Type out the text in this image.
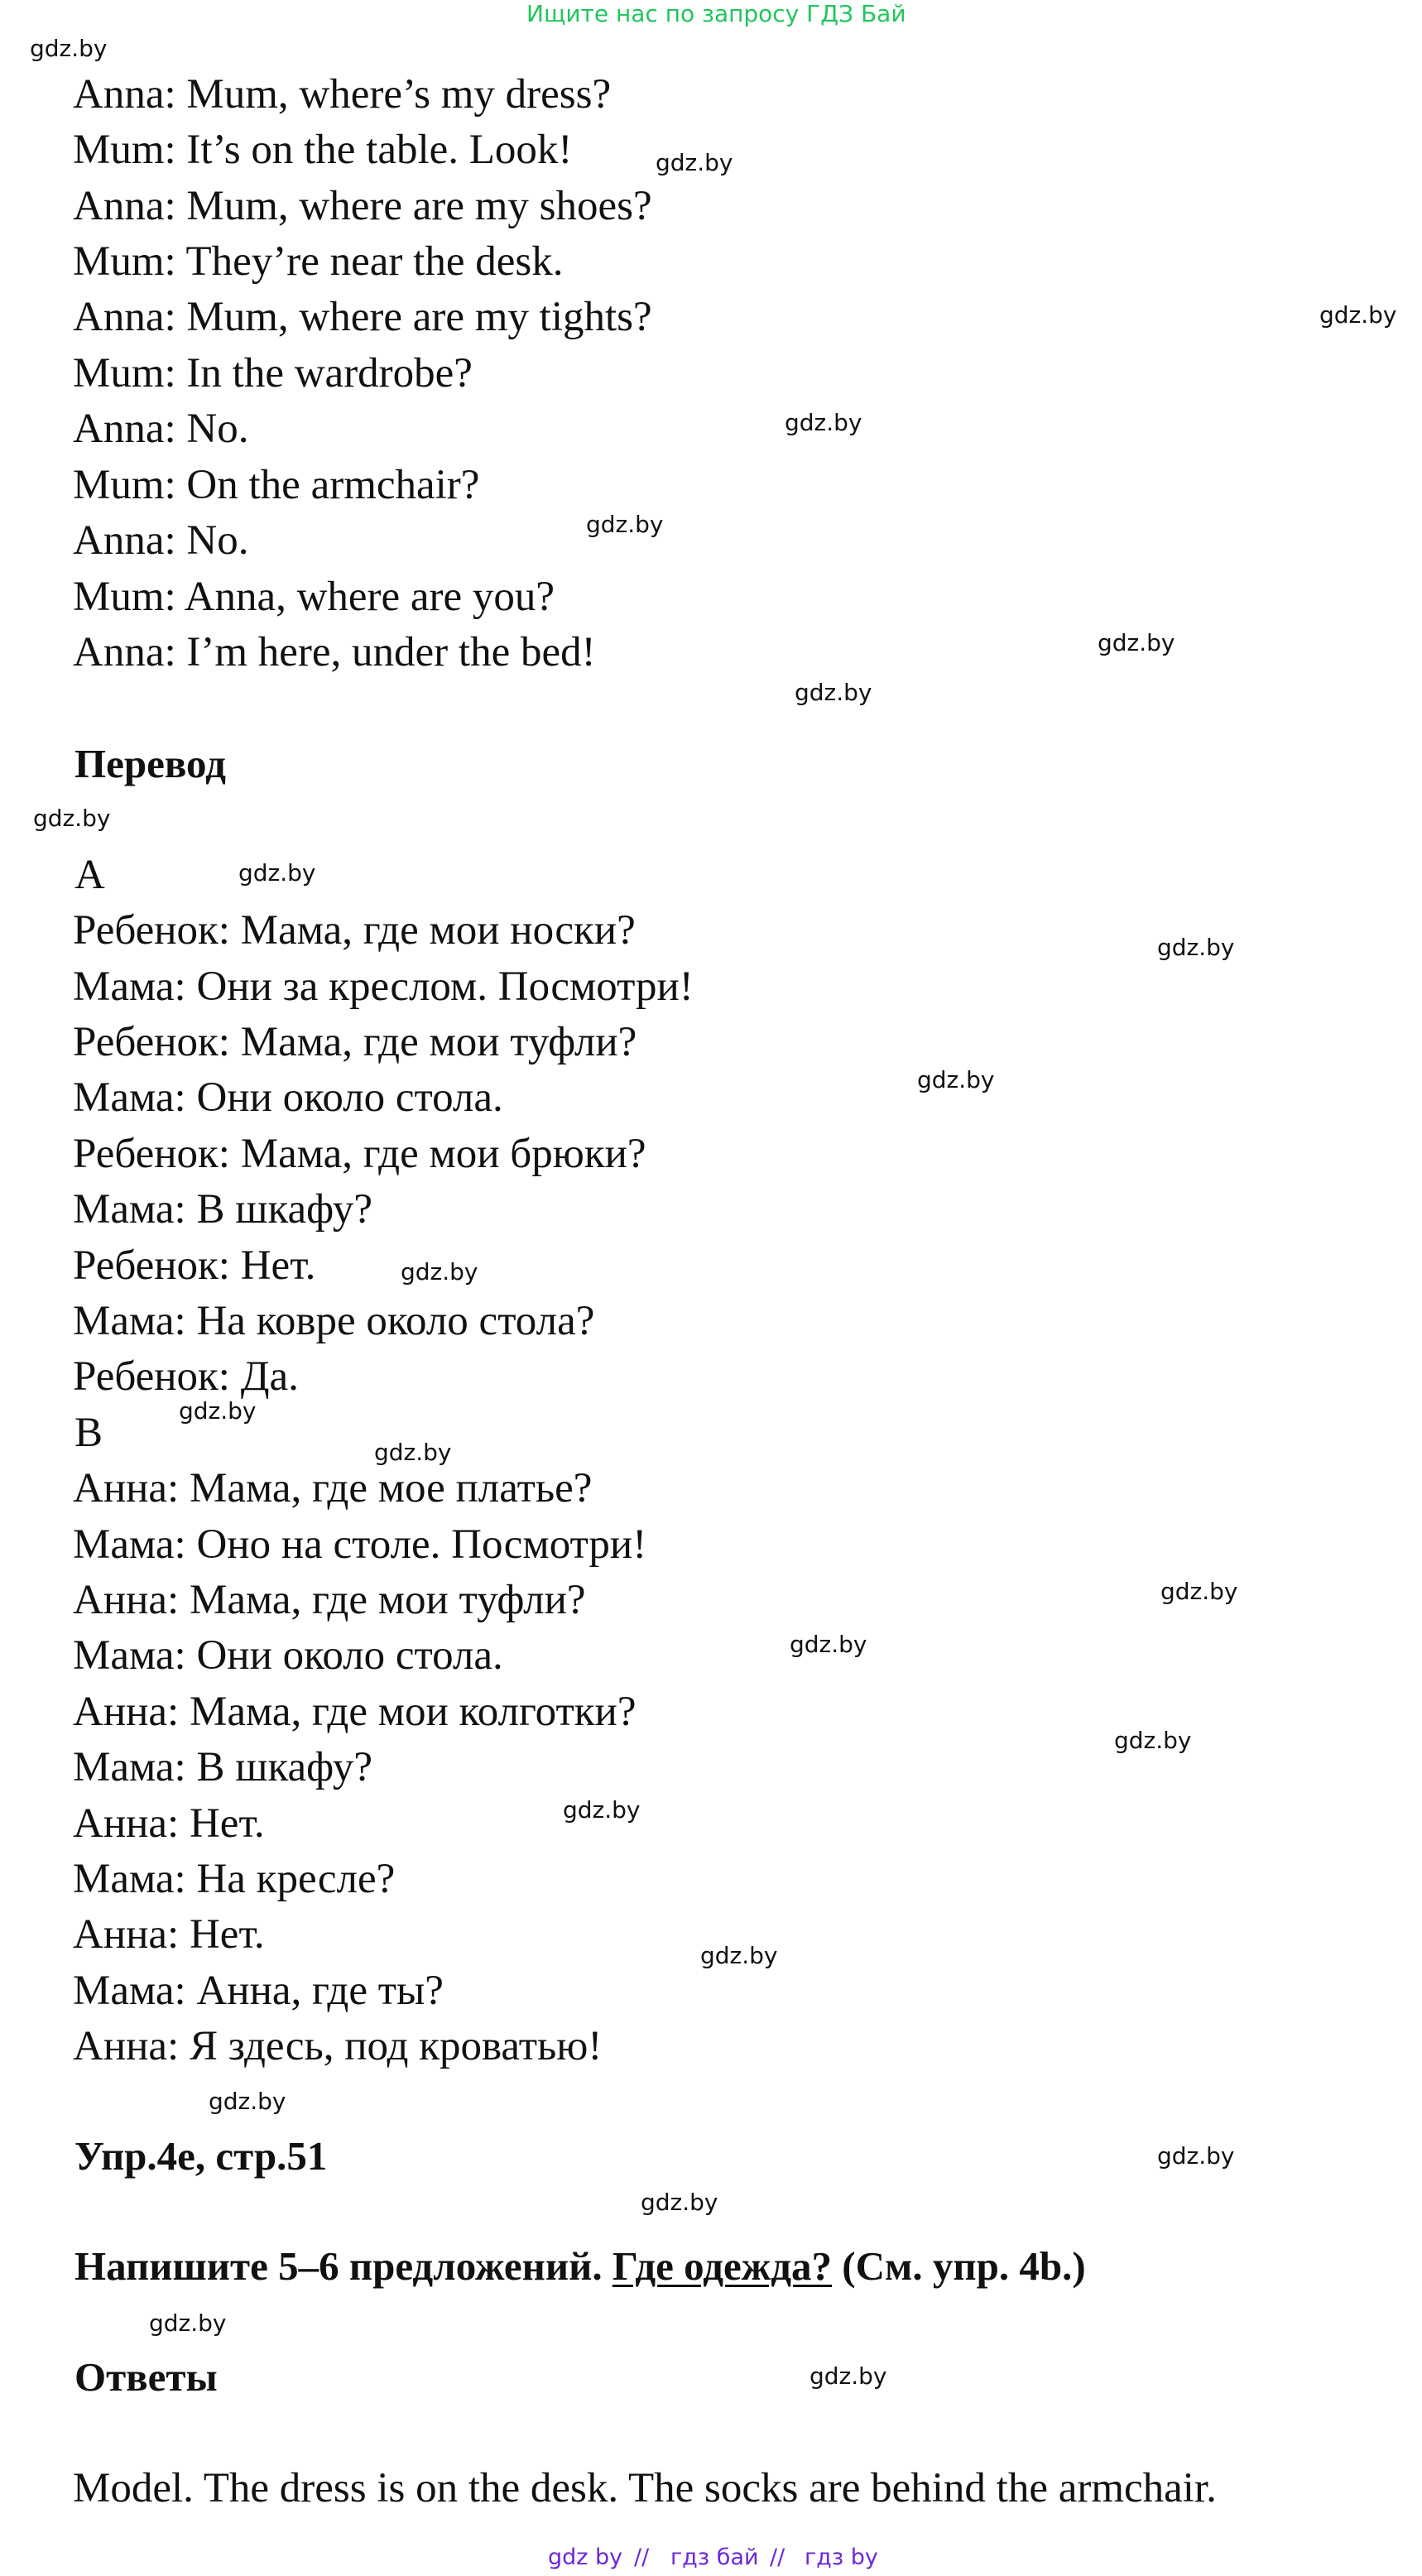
Ищите нас по запросу ГДЗ Бай
Anna: Mum, where’s my dress?
Mum: It’s on the table. Look!
Anna: Mum, where are my shoes?
Mum: They’re near the desk.
Anna: Mum, where are my tights?
Mum: In the wardrobe?
Anna: No.
Mum: On the armchair?
Anna: No.
Mum: Anna, where are you?
Anna: I’m here, under the bed!
Перевод
A
Ребенок: Мама, где мои носки?
Мама: Они за креслом. Посмотри!
Ребенок: Мама, где мои туфли?
Мама: Они около стола.
Ребенок: Мама, где мои брюки?
Мама: В шкафу?
Ребенок: Нет.
Мама: На ковре около стола?
Ребенок: Да.
B
Анна: Мама, где мое платье?
Мама: Оно на столе. Посмотри!
Анна: Мама, где мои туфли?
Мама: Они около стола.
Анна: Мама, где мои колготки?
Мама: В шкафу?
Анна: Нет.
Мама: На кресле?
Анна: Нет.
Мама: Анна, где ты?
Анна: Я здесь, под кроватью!
Упр.4е, стр.51
Напишите 5–6 предложений. Где одежда? (См. упр. 4b.)
Ответы
Model. The dress is on the desk. The socks are behind the armchair.
gdz.by
gdz.by
gdz.by
gdz.by
gdz.by
gdz.by
gdz.by
gdz.by
gdz.by
gdz.by
gdz.by
gdz.by
gdz.by
gdz.by
gdz.by
gdz.by
gdz.by
gdz.by
gdz.by
gdz.by
gdz.by
gdz.by
gdz.by
gdz.by
gdz by // гдз бай // гдз by
